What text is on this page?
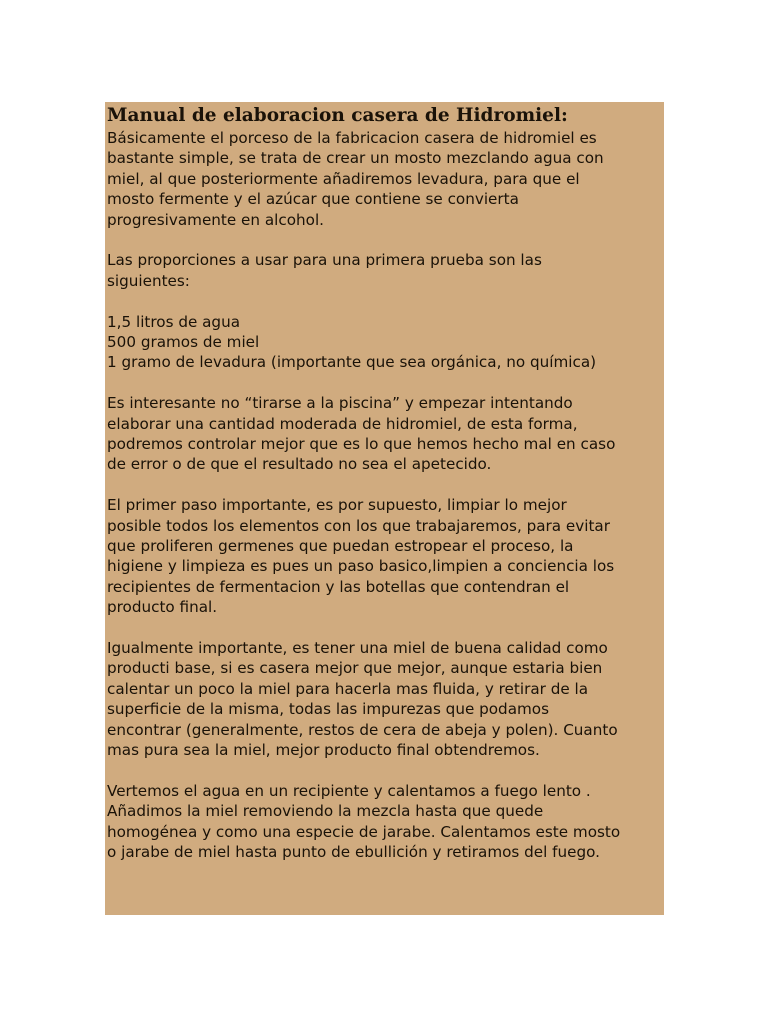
Manual de elaboracion casera de Hidromiel:
Básicamente el porceso de la fabricacion casera de hidromiel es
bastante simple, se trata de crear un mosto mezclando agua con
miel, al que posteriormente añadiremos levadura, para que el
mosto fermente y el azúcar que contiene se convierta
progresivamente en alcohol.
Las proporciones a usar para una primera prueba son las
siguientes:
1,5 litros de agua
500 gramos de miel
1 gramo de levadura (importante que sea orgánica, no química)
Es interesante no “tirarse a la piscina” y empezar intentando
elaborar una cantidad moderada de hidromiel, de esta forma,
podremos controlar mejor que es lo que hemos hecho mal en caso
de error o de que el resultado no sea el apetecido.
El primer paso importante, es por supuesto, limpiar lo mejor
posible todos los elementos con los que trabajaremos, para evitar
que proliferen germenes que puedan estropear el proceso, la
higiene y limpieza es pues un paso basico,limpien a conciencia los
recipientes de fermentacion y las botellas que contendran el
producto final.
Igualmente importante, es tener una miel de buena calidad como
producti base, si es casera mejor que mejor, aunque estaria bien
calentar un poco la miel para hacerla mas fluida, y retirar de la
superficie de la misma, todas las impurezas que podamos
encontrar (generalmente, restos de cera de abeja y polen). Cuanto
mas pura sea la miel, mejor producto final obtendremos.
Vertemos el agua en un recipiente y calentamos a fuego lento .
Añadimos la miel removiendo la mezcla hasta que quede
homogénea y como una especie de jarabe. Calentamos este mosto
o jarabe de miel hasta punto de ebullición y retiramos del fuego.
